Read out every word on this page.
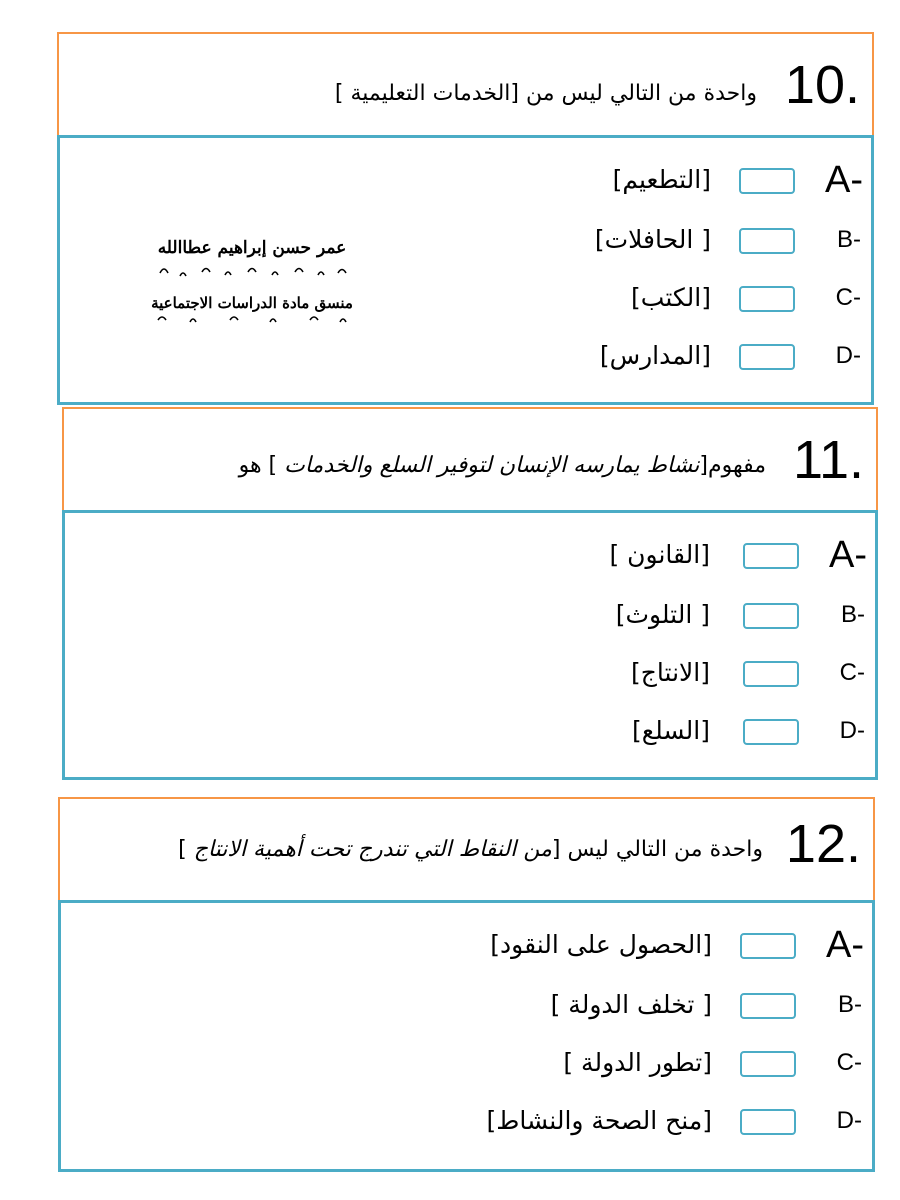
10.
واحدة من التالي ليس من [الخدمات التعليمية ]
A-
[التطعيم]
B-
[ الحافلات]
C-
[الكتب]
D-
[المدارس]
عمر حسن إبراهيم عطاالله
منسق مادة الدراسات الاجتماعية
11.
مفهوم[نشاط يمارسه الإنسان لتوفير السلع والخدمات ] هو
A-
[القانون ]
B-
[ التلوث]
C-
[الانتاج]
D-
[السلع]
12.
واحدة من التالي ليس [من النقاط التي تندرج تحت أهمية الانتاج ]
A-
[الحصول على النقود]
B-
[ تخلف الدولة ]
C-
[تطور الدولة ]
D-
[منح الصحة والنشاط]
